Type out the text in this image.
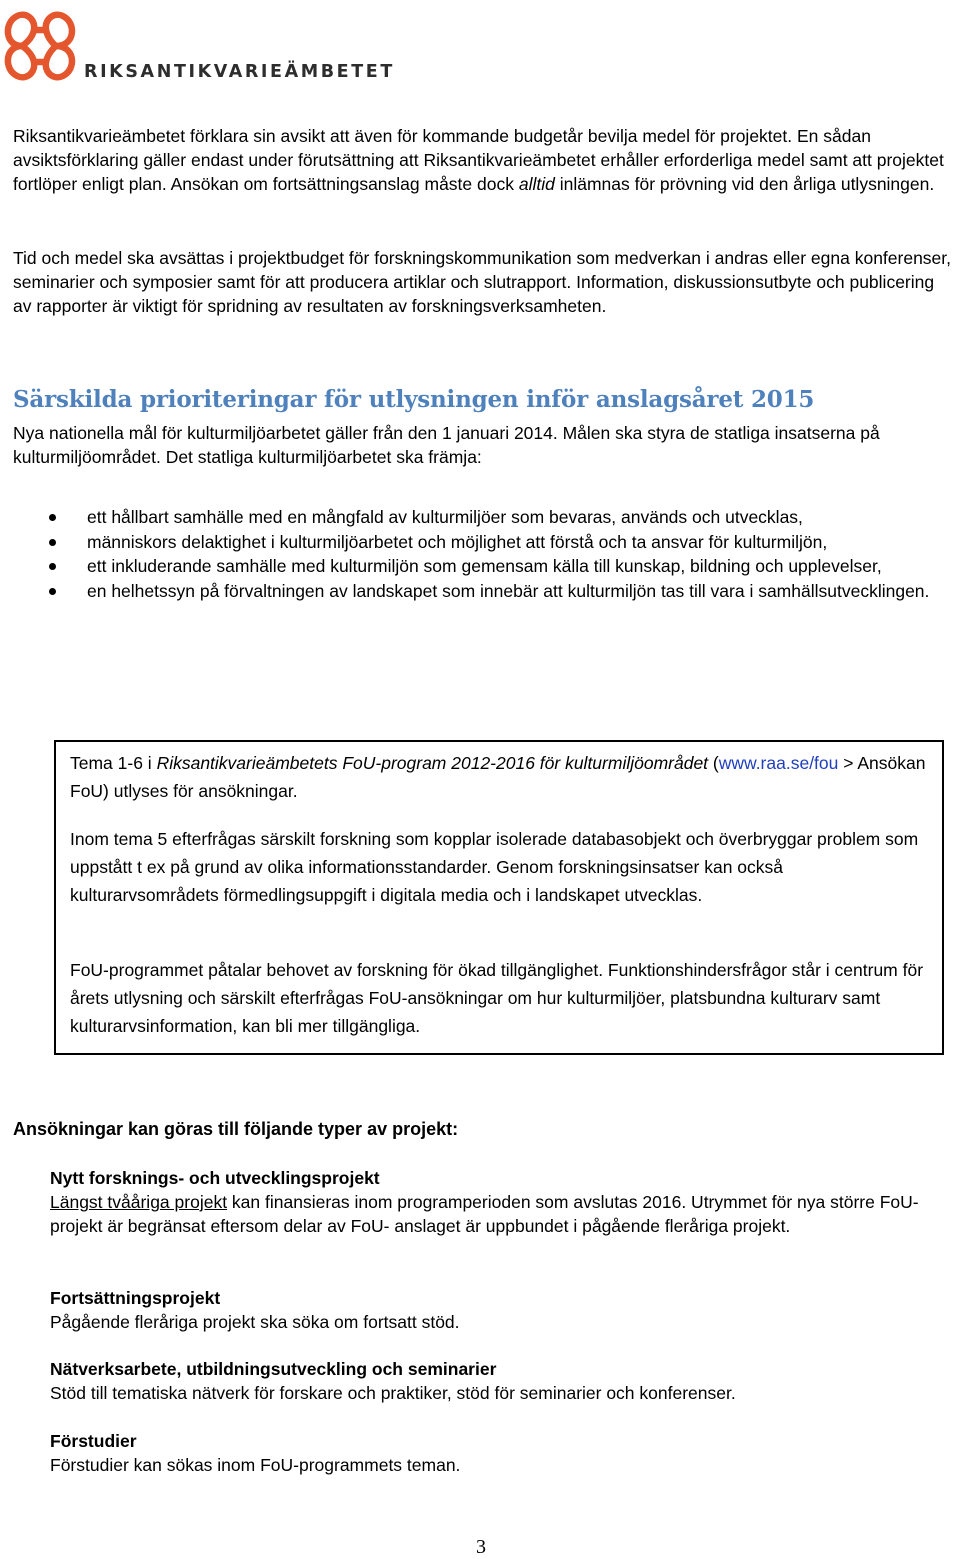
RIKSANTIKVARIEÄMBETET
Riksantikvarieämbetet förklara sin avsikt att även för kommande budgetår bevilja medel för projektet. En sådan avsiktsförklaring gäller endast under förutsättning att Riksantikvarieämbetet erhåller erforderliga medel samt att projektet fortlöper enligt plan. Ansökan om fortsättningsanslag måste dock alltid inlämnas för prövning vid den årliga utlysningen.
Tid och medel ska avsättas i projektbudget för forskningskommunikation som medverkan i andras eller egna konferenser, seminarier och symposier samt för att producera artiklar och slutrapport. Information, diskussionsutbyte och publicering av rapporter är viktigt för spridning av resultaten av forskningsverksamheten.
Särskilda prioriteringar för utlysningen inför anslagsåret 2015
Nya nationella mål för kulturmiljöarbetet gäller från den 1 januari 2014. Målen ska styra de statliga insatserna på kulturmiljöområdet. Det statliga kulturmiljöarbetet ska främja:
ett hållbart samhälle med en mångfald av kulturmiljöer som bevaras, används och utvecklas,
människors delaktighet i kulturmiljöarbetet och möjlighet att förstå och ta ansvar för kulturmiljön,
ett inkluderande samhälle med kulturmiljön som gemensam källa till kunskap, bildning och upplevelser,
en helhetssyn på förvaltningen av landskapet som innebär att kulturmiljön tas till vara i samhällsutvecklingen.
Tema 1-6 i Riksantikvarieämbetets FoU-program 2012-2016 för kulturmiljöområdet (www.raa.se/fou > Ansökan FoU) utlyses för ansökningar.
Inom tema 5 efterfrågas särskilt forskning som kopplar isolerade databasobjekt och överbryggar problem som uppstått t ex på grund av olika informationsstandarder. Genom forskningsinsatser kan också kulturarvsområdets förmedlingsuppgift i digitala media och i landskapet utvecklas.
FoU-programmet påtalar behovet av forskning för ökad tillgänglighet. Funktionshindersfrågor står i centrum för årets utlysning och särskilt efterfrågas FoU-ansökningar om hur kulturmiljöer, platsbundna kulturarv samt kulturarvsinformation, kan bli mer tillgängliga.
Ansökningar kan göras till följande typer av projekt:
Nytt forsknings- och utvecklingsprojekt
Längst tvååriga projekt kan finansieras inom programperioden som avslutas 2016. Utrymmet för nya större FoU-projekt är begränsat eftersom delar av FoU- anslaget är uppbundet i pågående fleråriga projekt.
Fortsättningsprojekt
Pågående fleråriga projekt ska söka om fortsatt stöd.
Nätverksarbete, utbildningsutveckling och seminarier
Stöd till tematiska nätverk för forskare och praktiker, stöd för seminarier och konferenser.
Förstudier
Förstudier kan sökas inom FoU-programmets teman.
3
